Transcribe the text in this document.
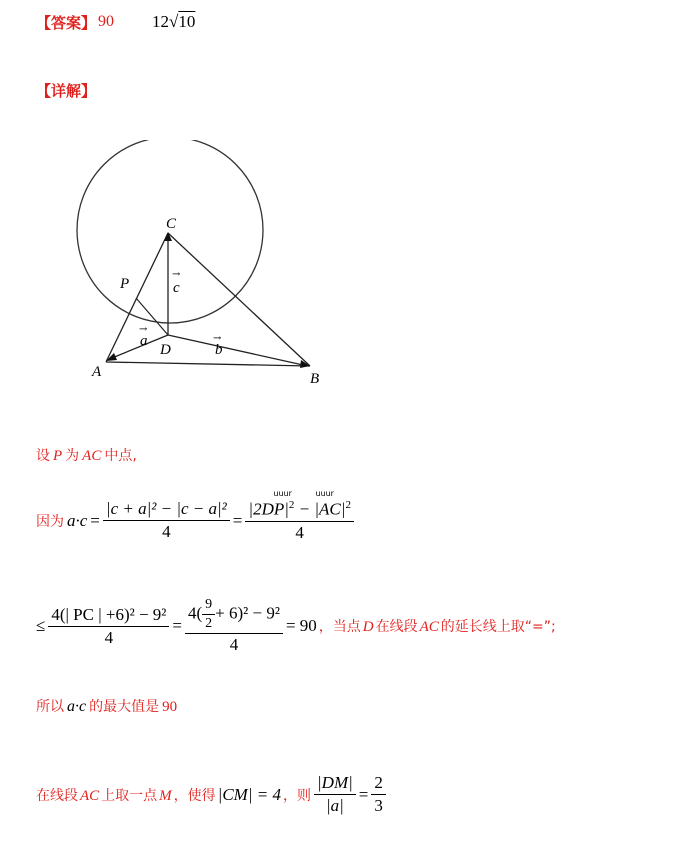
【答案】 90 12√10
【详解】
C
P
D
A	B
c
→
a
→
b
→
设 P 为 AC 中点,
因为 $a\cdot c = \frac{\text{|c + a|² − |c − a|²}}{4}$ = uuur	uuur
$|2DP|^2 - |AC|^2$
4
≤ $\frac{\text{4(| PC | +6)² − 9²}}{4} = \frac{4( \frac{9}{2} + 6)^2 - 9^2}{4} = 90$ ，当点 D 在线段 AC 的延长线上取“=”;
所以 a·c 的最大值是 90
在线段 AC 上取一点 M ，使得 |CM| = 4 ，则 $\frac{|DM|}{|a|} = \frac{2}{3}$
